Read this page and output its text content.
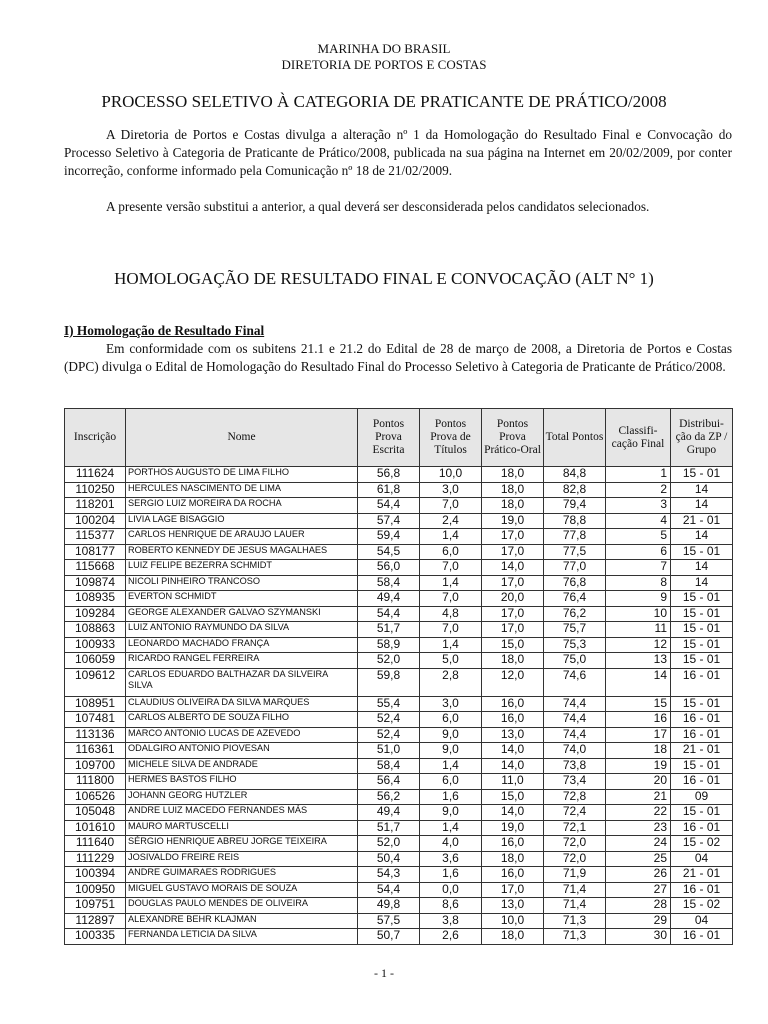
MARINHA DO BRASIL
DIRETORIA DE PORTOS E COSTAS
PROCESSO SELETIVO À CATEGORIA DE PRATICANTE DE PRÁTICO/2008
A Diretoria de Portos e Costas divulga a alteração nº 1 da Homologação do Resultado Final e Convocação do Processo Seletivo à Categoria de Praticante de Prático/2008, publicada na sua página na Internet em 20/02/2009, por conter incorreção, conforme informado pela Comunicação nº 18 de 21/02/2009.
A presente versão substitui a anterior, a qual deverá ser desconsiderada pelos candidatos selecionados.
HOMOLOGAÇÃO DE RESULTADO FINAL E CONVOCAÇÃO (ALT N° 1)
I) Homologação de Resultado Final
Em conformidade com os subitens 21.1 e 21.2 do Edital de 28 de março de 2008, a Diretoria de Portos e Costas (DPC) divulga o Edital de Homologação do Resultado Final do Processo Seletivo à Categoria de Praticante de Prático/2008.
Inscrição	Nome	Pontos Prova Escrita	Pontos Prova de Títulos	Pontos Prova Prático-Oral	Total Pontos	Classifi-cação Final	Distribui-ção da ZP / Grupo
111624	PORTHOS AUGUSTO DE LIMA FILHO	56,8	10,0	18,0	84,8	1	15 - 01
110250	HERCULES NASCIMENTO DE LIMA	61,8	3,0	18,0	82,8	2	14
118201	SERGIO LUIZ MOREIRA DA ROCHA	54,4	7,0	18,0	79,4	3	14
100204	LIVIA LAGE BISAGGIO	57,4	2,4	19,0	78,8	4	21 - 01
115377	CARLOS HENRIQUE DE ARAUJO LAUER	59,4	1,4	17,0	77,8	5	14
108177	ROBERTO KENNEDY DE JESUS MAGALHAES	54,5	6,0	17,0	77,5	6	15 - 01
115668	LUIZ FELIPE BEZERRA SCHMIDT	56,0	7,0	14,0	77,0	7	14
109874	NICOLI PINHEIRO TRANCOSO	58,4	1,4	17,0	76,8	8	14
108935	EVERTON SCHMIDT	49,4	7,0	20,0	76,4	9	15 - 01
109284	GEORGE ALEXANDER GALVAO SZYMANSKI	54,4	4,8	17,0	76,2	10	15 - 01
108863	LUIZ ANTONIO RAYMUNDO DA SILVA	51,7	7,0	17,0	75,7	11	15 - 01
100933	LEONARDO MACHADO FRANÇA	58,9	1,4	15,0	75,3	12	15 - 01
106059	RICARDO RANGEL FERREIRA	52,0	5,0	18,0	75,0	13	15 - 01
109612	CARLOS EDUARDO BALTHAZAR DA SILVEIRA SILVA	59,8	2,8	12,0	74,6	14	16 - 01
108951	CLAUDIUS OLIVEIRA DA SILVA MARQUES	55,4	3,0	16,0	74,4	15	15 - 01
107481	CARLOS ALBERTO DE SOUZA FILHO	52,4	6,0	16,0	74,4	16	16 - 01
113136	MARCO ANTONIO LUCAS DE AZEVEDO	52,4	9,0	13,0	74,4	17	16 - 01
116361	ODALGIRO ANTONIO PIOVESAN	51,0	9,0	14,0	74,0	18	21 - 01
109700	MICHELE SILVA DE ANDRADE	58,4	1,4	14,0	73,8	19	15 - 01
111800	HERMES BASTOS FILHO	56,4	6,0	11,0	73,4	20	16 - 01
106526	JOHANN GEORG HUTZLER	56,2	1,6	15,0	72,8	21	09
105048	ANDRE LUIZ MACEDO FERNANDES MÁS	49,4	9,0	14,0	72,4	22	15 - 01
101610	MAURO MARTUSCELLI	51,7	1,4	19,0	72,1	23	16 - 01
111640	SÉRGIO HENRIQUE ABREU JORGE TEIXEIRA	52,0	4,0	16,0	72,0	24	15 - 02
111229	JOSIVALDO FREIRE REIS	50,4	3,6	18,0	72,0	25	04
100394	ANDRE GUIMARAES RODRIGUES	54,3	1,6	16,0	71,9	26	21 - 01
100950	MIGUEL GUSTAVO MORAIS DE SOUZA	54,4	0,0	17,0	71,4	27	16 - 01
109751	DOUGLAS PAULO MENDES DE OLIVEIRA	49,8	8,6	13,0	71,4	28	15 - 02
112897	ALEXANDRE BEHR KLAJMAN	57,5	3,8	10,0	71,3	29	04
100335	FERNANDA LETICIA DA SILVA	50,7	2,6	18,0	71,3	30	16 - 01
- 1 -
